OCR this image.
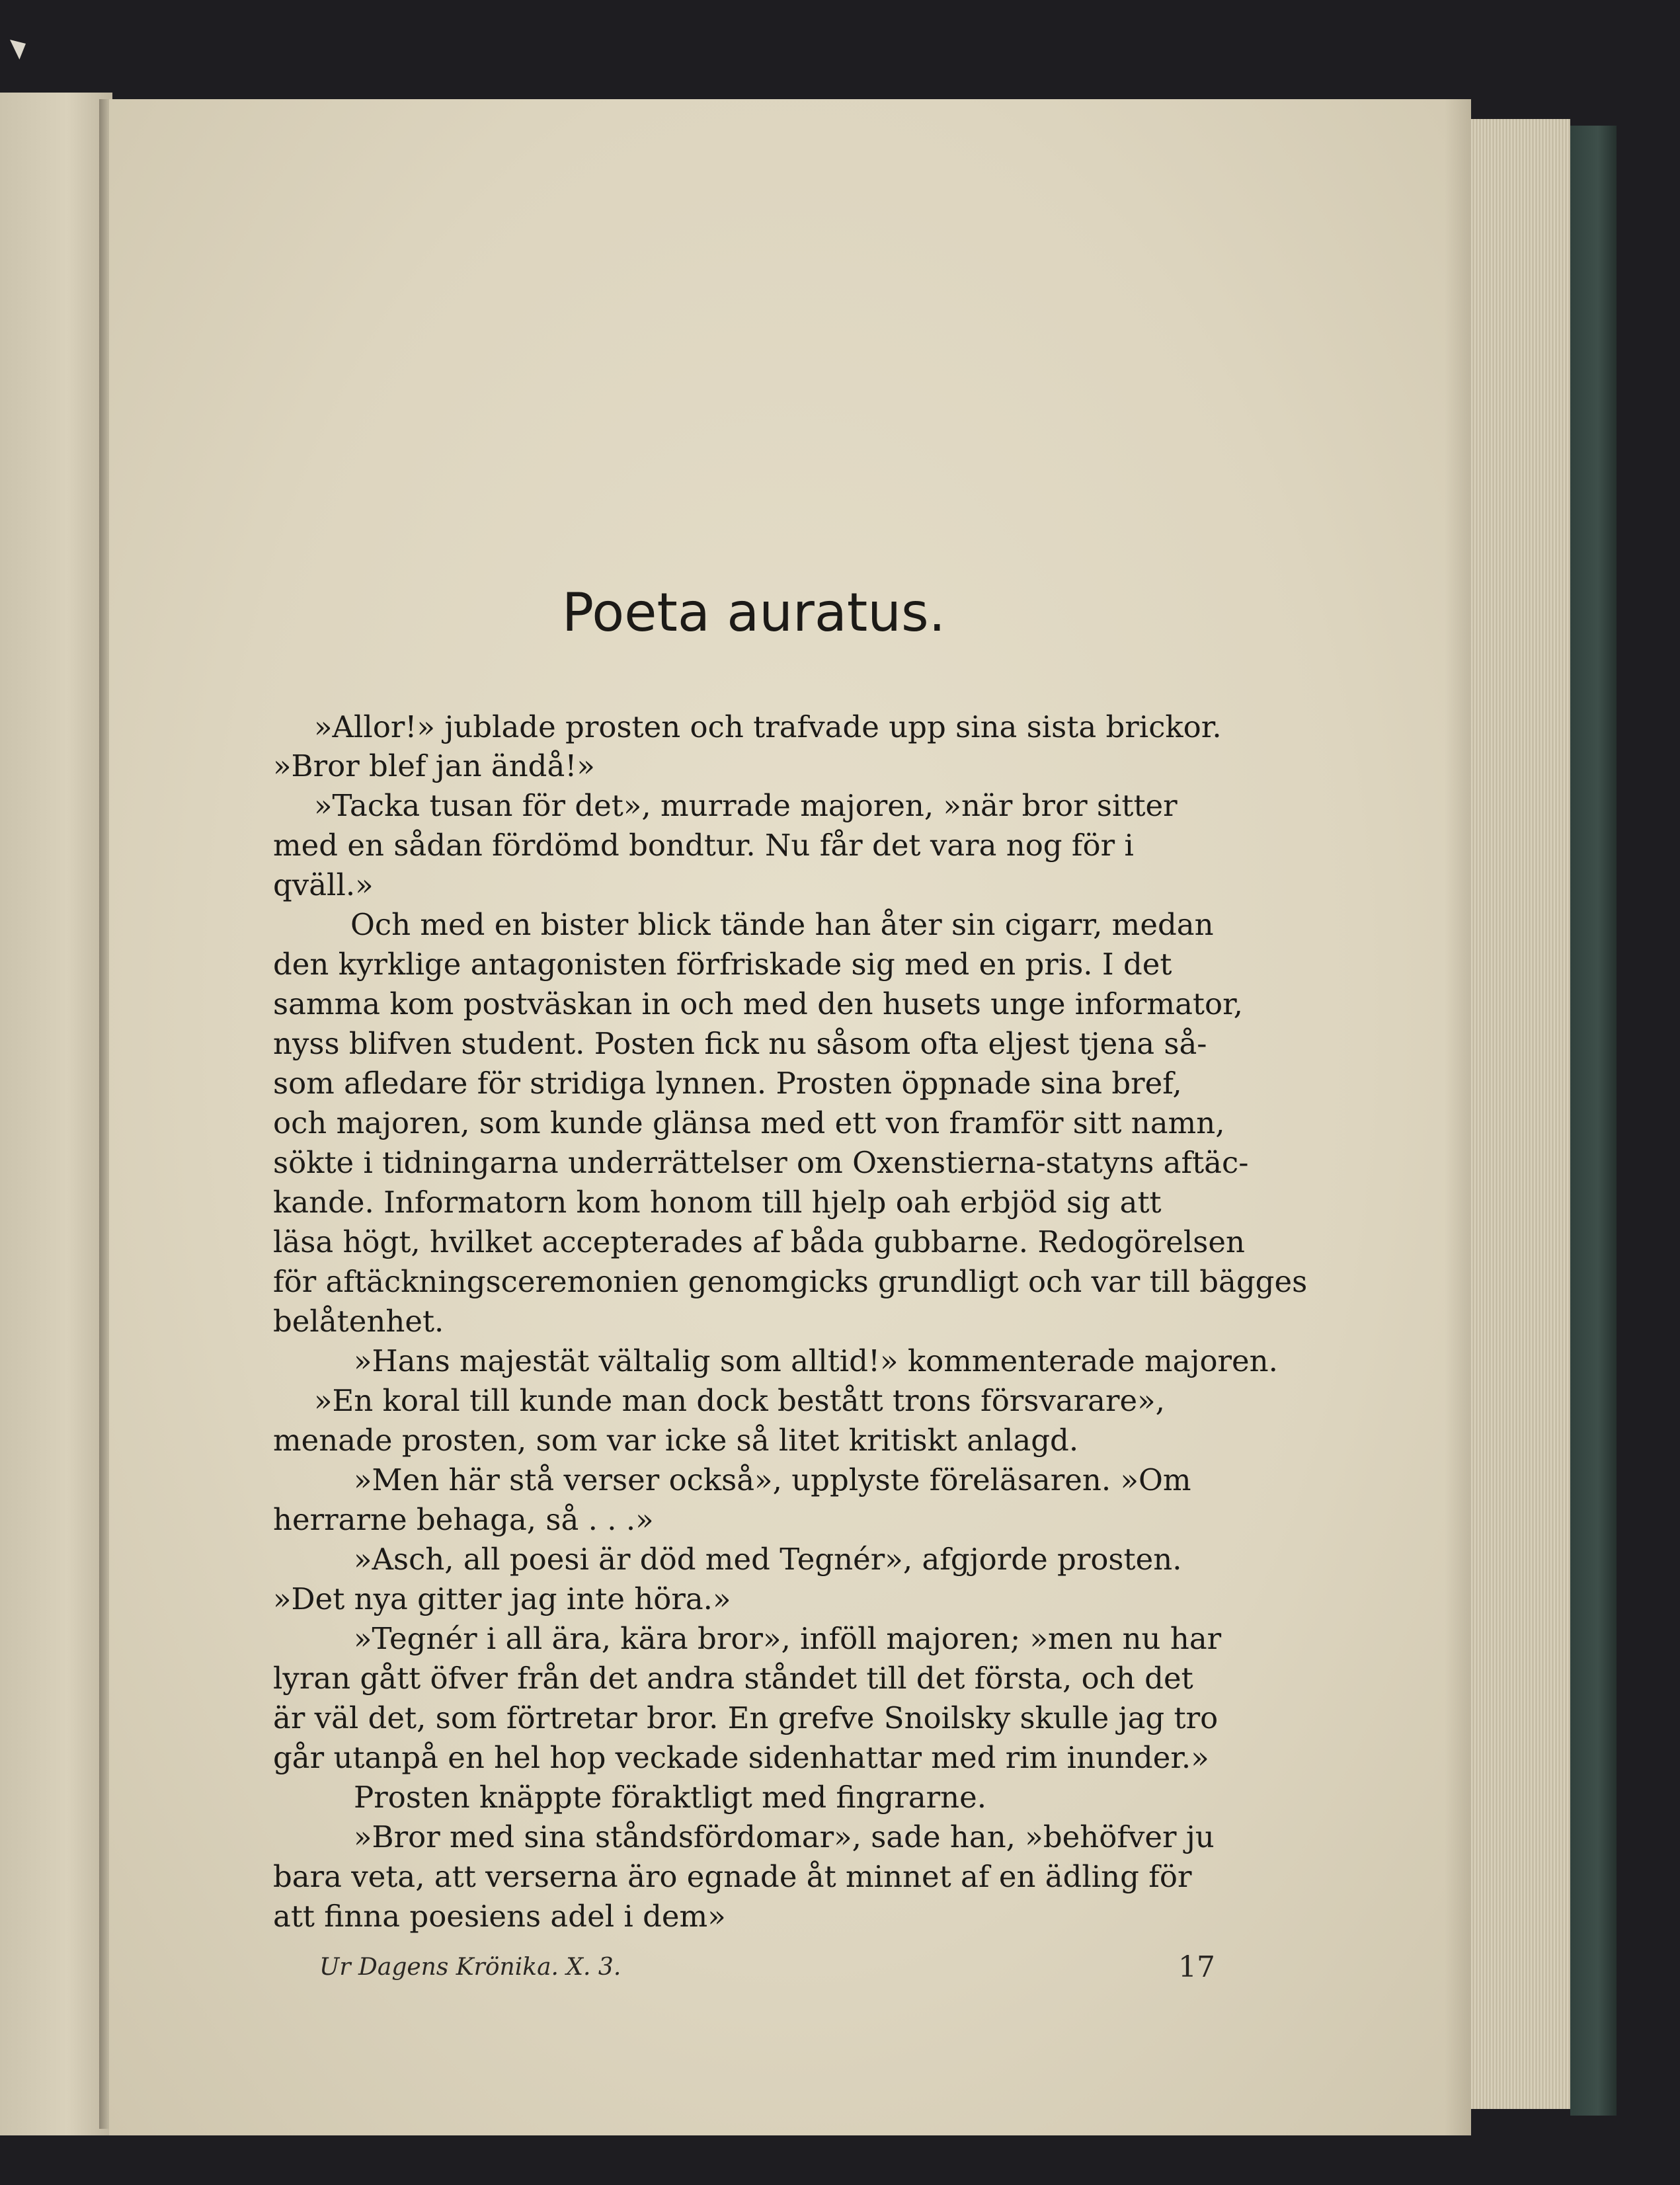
Poeta auratus.
»Allor!» jublade prosten och trafvade upp sina sista brickor.
»Bror blef jan ändå!»
»Tacka tusan för det», murrade majoren, »när bror sitter
med en sådan fördömd bondtur. Nu får det vara nog för i
qväll.»
Och med en bister blick tände han åter sin cigarr, medan
den kyrklige antagonisten förfriskade sig med en pris. I det
samma kom postväskan in och med den husets unge informator,
nyss blifven student. Posten fick nu såsom ofta eljest tjena så-
som afledare för stridiga lynnen. Prosten öppnade sina bref,
och majoren, som kunde glänsa med ett von framför sitt namn,
sökte i tidningarna underrättelser om Oxenstierna-statyns aftäc-
kande. Informatorn kom honom till hjelp oah erbjöd sig att
läsa högt, hvilket accepterades af båda gubbarne. Redogörelsen
för aftäckningsceremonien genomgicks grundligt och var till bägges
belåtenhet.
»Hans majestät vältalig som alltid!» kommenterade majoren.
»En koral till kunde man dock bestått trons försvarare»,
menade prosten, som var icke så litet kritiskt anlagd.
»Men här stå verser också», upplyste föreläsaren. »Om
herrarne behaga, så . . .»
»Asch, all poesi är död med Tegnér», afgjorde prosten.
»Det nya gitter jag inte höra.»
»Tegnér i all ära, kära bror», inföll majoren; »men nu har
lyran gått öfver från det andra ståndet till det första, och det
är väl det, som förtretar bror. En grefve Snoilsky skulle jag tro
går utanpå en hel hop veckade sidenhattar med rim inunder.»
Prosten knäppte föraktligt med fingrarne.
»Bror med sina ståndsfördomar», sade han, »behöfver ju
bara veta, att verserna äro egnade åt minnet af en ädling för
att finna poesiens adel i dem»
Ur Dagens Krönika. X. 3.	17
